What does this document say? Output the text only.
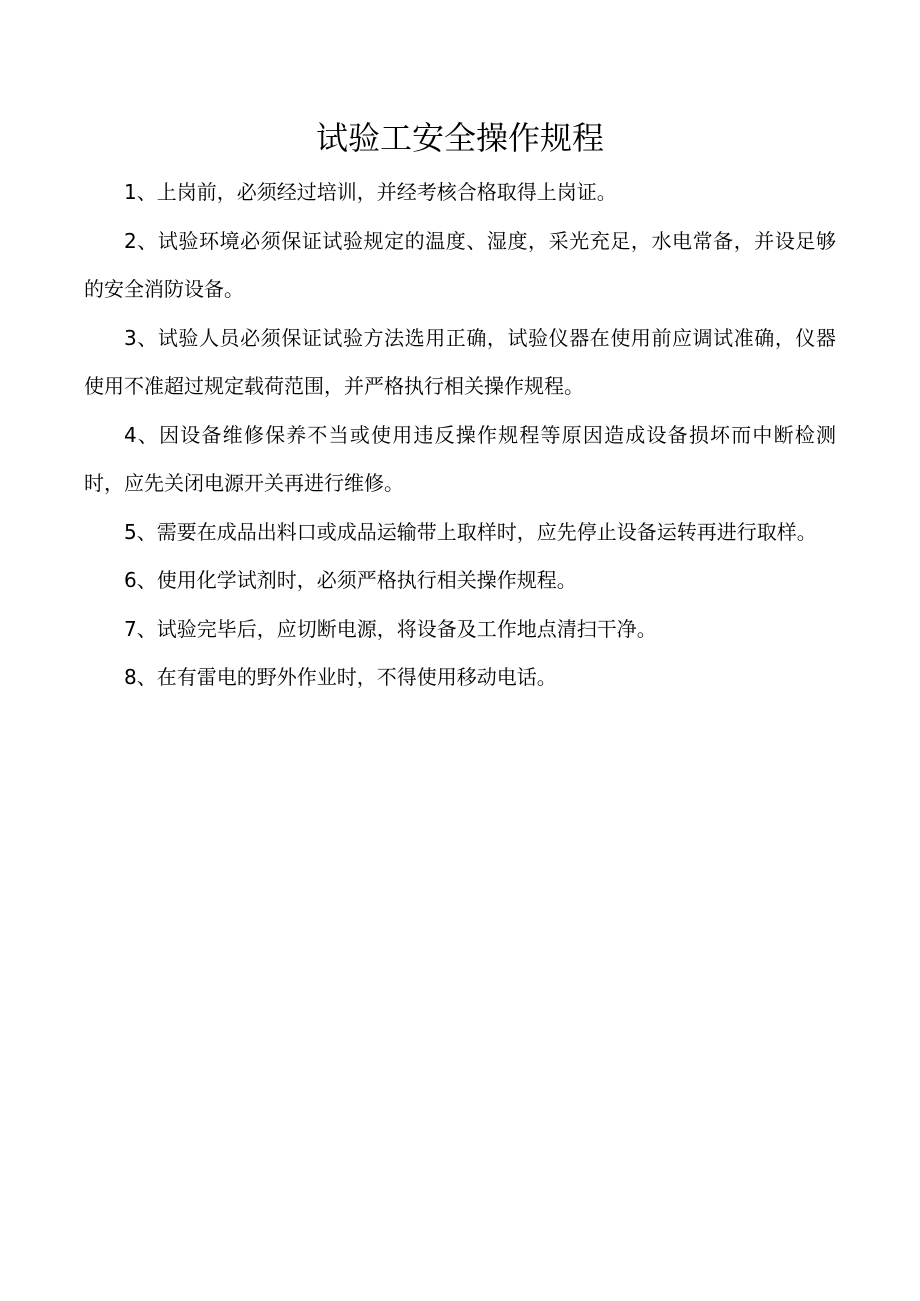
试验工安全操作规程

1、上岗前，必须经过培训，并经考核合格取得上岗证。

2、试验环境必须保证试验规定的温度、湿度，采光充足，水电常备，并设足够的安全消防设备。

3、试验人员必须保证试验方法选用正确，试验仪器在使用前应调试准确，仪器使用不准超过规定载荷范围，并严格执行相关操作规程。

4、因设备维修保养不当或使用违反操作规程等原因造成设备损坏而中断检测时，应先关闭电源开关再进行维修。

5、需要在成品出料口或成品运输带上取样时，应先停止设备运转再进行取样。

6、使用化学试剂时，必须严格执行相关操作规程。

7、试验完毕后，应切断电源，将设备及工作地点清扫干净。

8、在有雷电的野外作业时，不得使用移动电话。
